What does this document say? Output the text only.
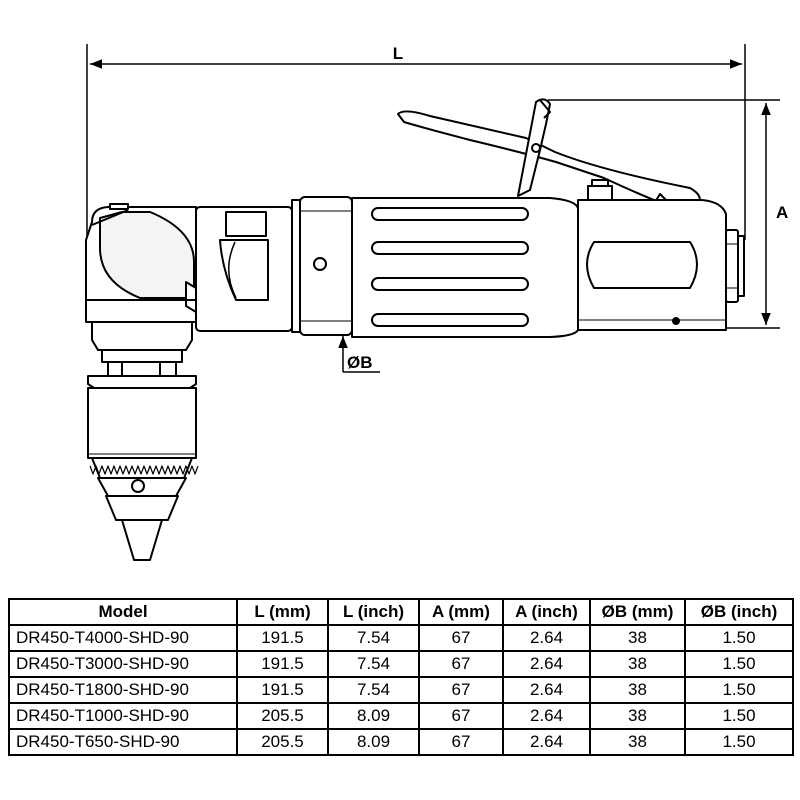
L
A
ØB
Model	L (mm)	L (inch)	A (mm)	A (inch)	ØB (mm)	ØB (inch)
DR450-T4000-SHD-90	191.5	7.54	67	2.64	38	1.50
DR450-T3000-SHD-90	191.5	7.54	67	2.64	38	1.50
DR450-T1800-SHD-90	191.5	7.54	67	2.64	38	1.50
DR450-T1000-SHD-90	205.5	8.09	67	2.64	38	1.50
DR450-T650-SHD-90	205.5	8.09	67	2.64	38	1.50
